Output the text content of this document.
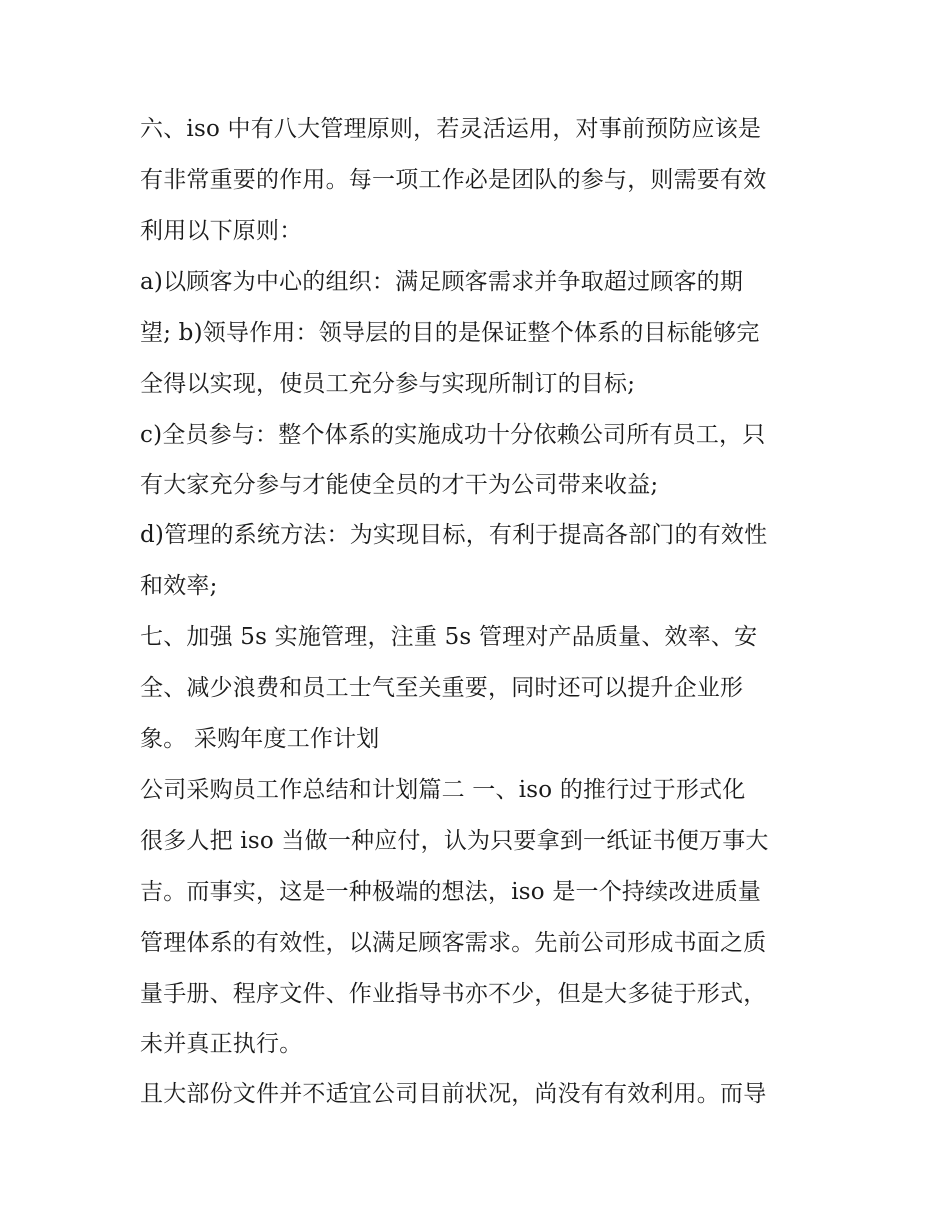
六、iso 中有八大管理原则，若灵活运用，对事前预防应该是
有非常重要的作用。每一项工作必是团队的参与，则需要有效
利用以下原则：
a)以顾客为中心的组织：满足顾客需求并争取超过顾客的期
望; b)领导作用：领导层的目的是保证整个体系的目标能够完
全得以实现，使员工充分参与实现所制订的目标;
c)全员参与：整个体系的实施成功十分依赖公司所有员工，只
有大家充分参与才能使全员的才干为公司带来收益;
d)管理的系统方法：为实现目标，有利于提高各部门的有效性
和效率;
七、加强 5s 实施管理，注重 5s 管理对产品质量、效率、安
全、减少浪费和员工士气至关重要，同时还可以提升企业形
象。 采购年度工作计划
公司采购员工作总结和计划篇二 一、iso 的推行过于形式化
很多人把 iso 当做一种应付，认为只要拿到一纸证书便万事大
吉。而事实，这是一种极端的想法，iso 是一个持续改进质量
管理体系的有效性，以满足顾客需求。先前公司形成书面之质
量手册、程序文件、作业指导书亦不少，但是大多徒于形式，
未并真正执行。
且大部份文件并不适宜公司目前状况，尚没有有效利用。而导
